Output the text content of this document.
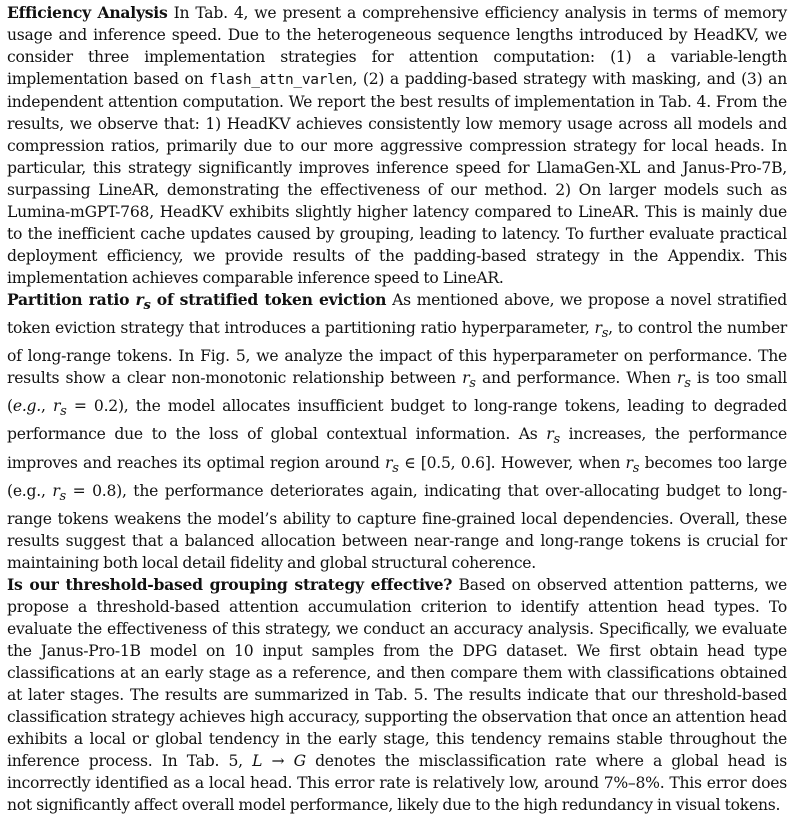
Efficiency Analysis In Tab. 4, we present a comprehensive efficiency analysis in terms of memory usage and inference speed. Due to the heterogeneous sequence lengths introduced by HeadKV, we consider three implementation strategies for attention computation: (1) a variable-length implementation based on flash_attn_varlen, (2) a padding-based strategy with masking, and (3) an independent attention computation. We report the best results of implementation in Tab. 4. From the results, we observe that: 1) HeadKV achieves consistently low memory usage across all models and compression ratios, primarily due to our more aggressive compression strategy for local heads. In particular, this strategy significantly improves inference speed for LlamaGen-XL and Janus-Pro-7B, surpassing LineAR, demonstrating the effectiveness of our method. 2) On larger models such as Lumina-mGPT-768, HeadKV exhibits slightly higher latency compared to LineAR. This is mainly due to the inefficient cache updates caused by grouping, leading to latency. To further evaluate practical deployment efficiency, we provide results of the padding-based strategy in the Appendix. This implementation achieves comparable inference speed to LineAR.

Partition ratio $r_s$ of stratified token eviction As mentioned above, we propose a novel stratified token eviction strategy that introduces a partitioning ratio hyperparameter, $r_s$, to control the number of long-range tokens. In Fig. 5, we analyze the impact of this hyperparameter on performance. The results show a clear non-monotonic relationship between $r_s$ and performance. When $r_s$ is too small (e.g., $r_s = 0.2$), the model allocates insufficient budget to long-range tokens, leading to degraded performance due to the loss of global contextual information. As $r_s$ increases, the performance improves and reaches its optimal region around $r_s$ ∈ [0.5, 0.6]. However, when $r_s$ becomes too large (e.g., $r_s = 0.8$), the performance deteriorates again, indicating that over-allocating budget to long-range tokens weakens the model’s ability to capture fine-grained local dependencies. Overall, these results suggest that a balanced allocation between near-range and long-range tokens is crucial for maintaining both local detail fidelity and global structural coherence.

Is our threshold-based grouping strategy effective? Based on observed attention patterns, we propose a threshold-based attention accumulation criterion to identify attention head types. To evaluate the effectiveness of this strategy, we conduct an accuracy analysis. Specifically, we evaluate the Janus-Pro-1B model on 10 input samples from the DPG dataset. We first obtain head type classifications at an early stage as a reference, and then compare them with classifications obtained at later stages. The results are summarized in Tab. 5. The results indicate that our threshold-based classification strategy achieves high accuracy, supporting the observation that once an attention head exhibits a local or global tendency in the early stage, this tendency remains stable throughout the inference process. In Tab. 5, L → G denotes the misclassification rate where a global head is incorrectly identified as a local head. This error rate is relatively low, around 7%–8%. This error does not significantly affect overall model performance, likely due to the high redundancy in visual tokens.
